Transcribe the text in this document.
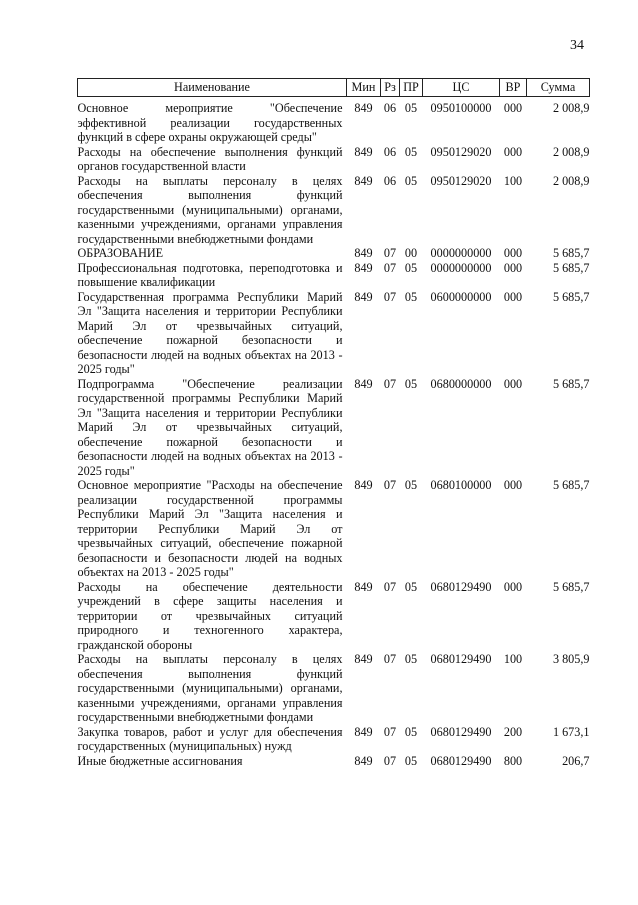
34
Наименование	Мин	Рз	ПР	ЦС	ВР	Сумма
Основное мероприятие "Обеспечение эффективной реализации государственных функций в сфере охраны окружающей среды"	849	06	05	0950100000	000	2 008,9
Расходы на обеспечение выполнения функций органов государственной власти	849	06	05	0950129020	000	2 008,9
Расходы на выплаты персоналу в целях обеспечения выполнения функций государственными (муниципальными) органами, казенными учреждениями, органами управления государственными внебюджетными фондами	849	06	05	0950129020	100	2 008,9
ОБРАЗОВАНИЕ	849	07	00	0000000000	000	5 685,7
Профессиональная подготовка, переподготовка и повышение квалификации	849	07	05	0000000000	000	5 685,7
Государственная программа Республики Марий Эл "Защита населения и территории Республики Марий Эл от чрезвычайных ситуаций, обеспечение пожарной безопасности и безопасности людей на водных объектах на 2013 - 2025 годы"	849	07	05	0600000000	000	5 685,7
Подпрограмма "Обеспечение реализации государственной программы Республики Марий Эл "Защита населения и территории Республики Марий Эл от чрезвычайных ситуаций, обеспечение пожарной безопасности и безопасности людей на водных объектах на 2013 - 2025 годы"	849	07	05	0680000000	000	5 685,7
Основное мероприятие "Расходы на обеспечение реализации государственной программы Республики Марий Эл "Защита населения и территории Республики Марий Эл от чрезвычайных ситуаций, обеспечение пожарной безопасности и безопасности людей на водных объектах на 2013 - 2025 годы"	849	07	05	0680100000	000	5 685,7
Расходы на обеспечение деятельности учреждений в сфере защиты населения и территории от чрезвычайных ситуаций природного и техногенного характера, гражданской обороны	849	07	05	0680129490	000	5 685,7
Расходы на выплаты персоналу в целях обеспечения выполнения функций государственными (муниципальными) органами, казенными учреждениями, органами управления государственными внебюджетными фондами	849	07	05	0680129490	100	3 805,9
Закупка товаров, работ и услуг для обеспечения государственных (муниципальных) нужд	849	07	05	0680129490	200	1 673,1
Иные бюджетные ассигнования	849	07	05	0680129490	800	206,7
